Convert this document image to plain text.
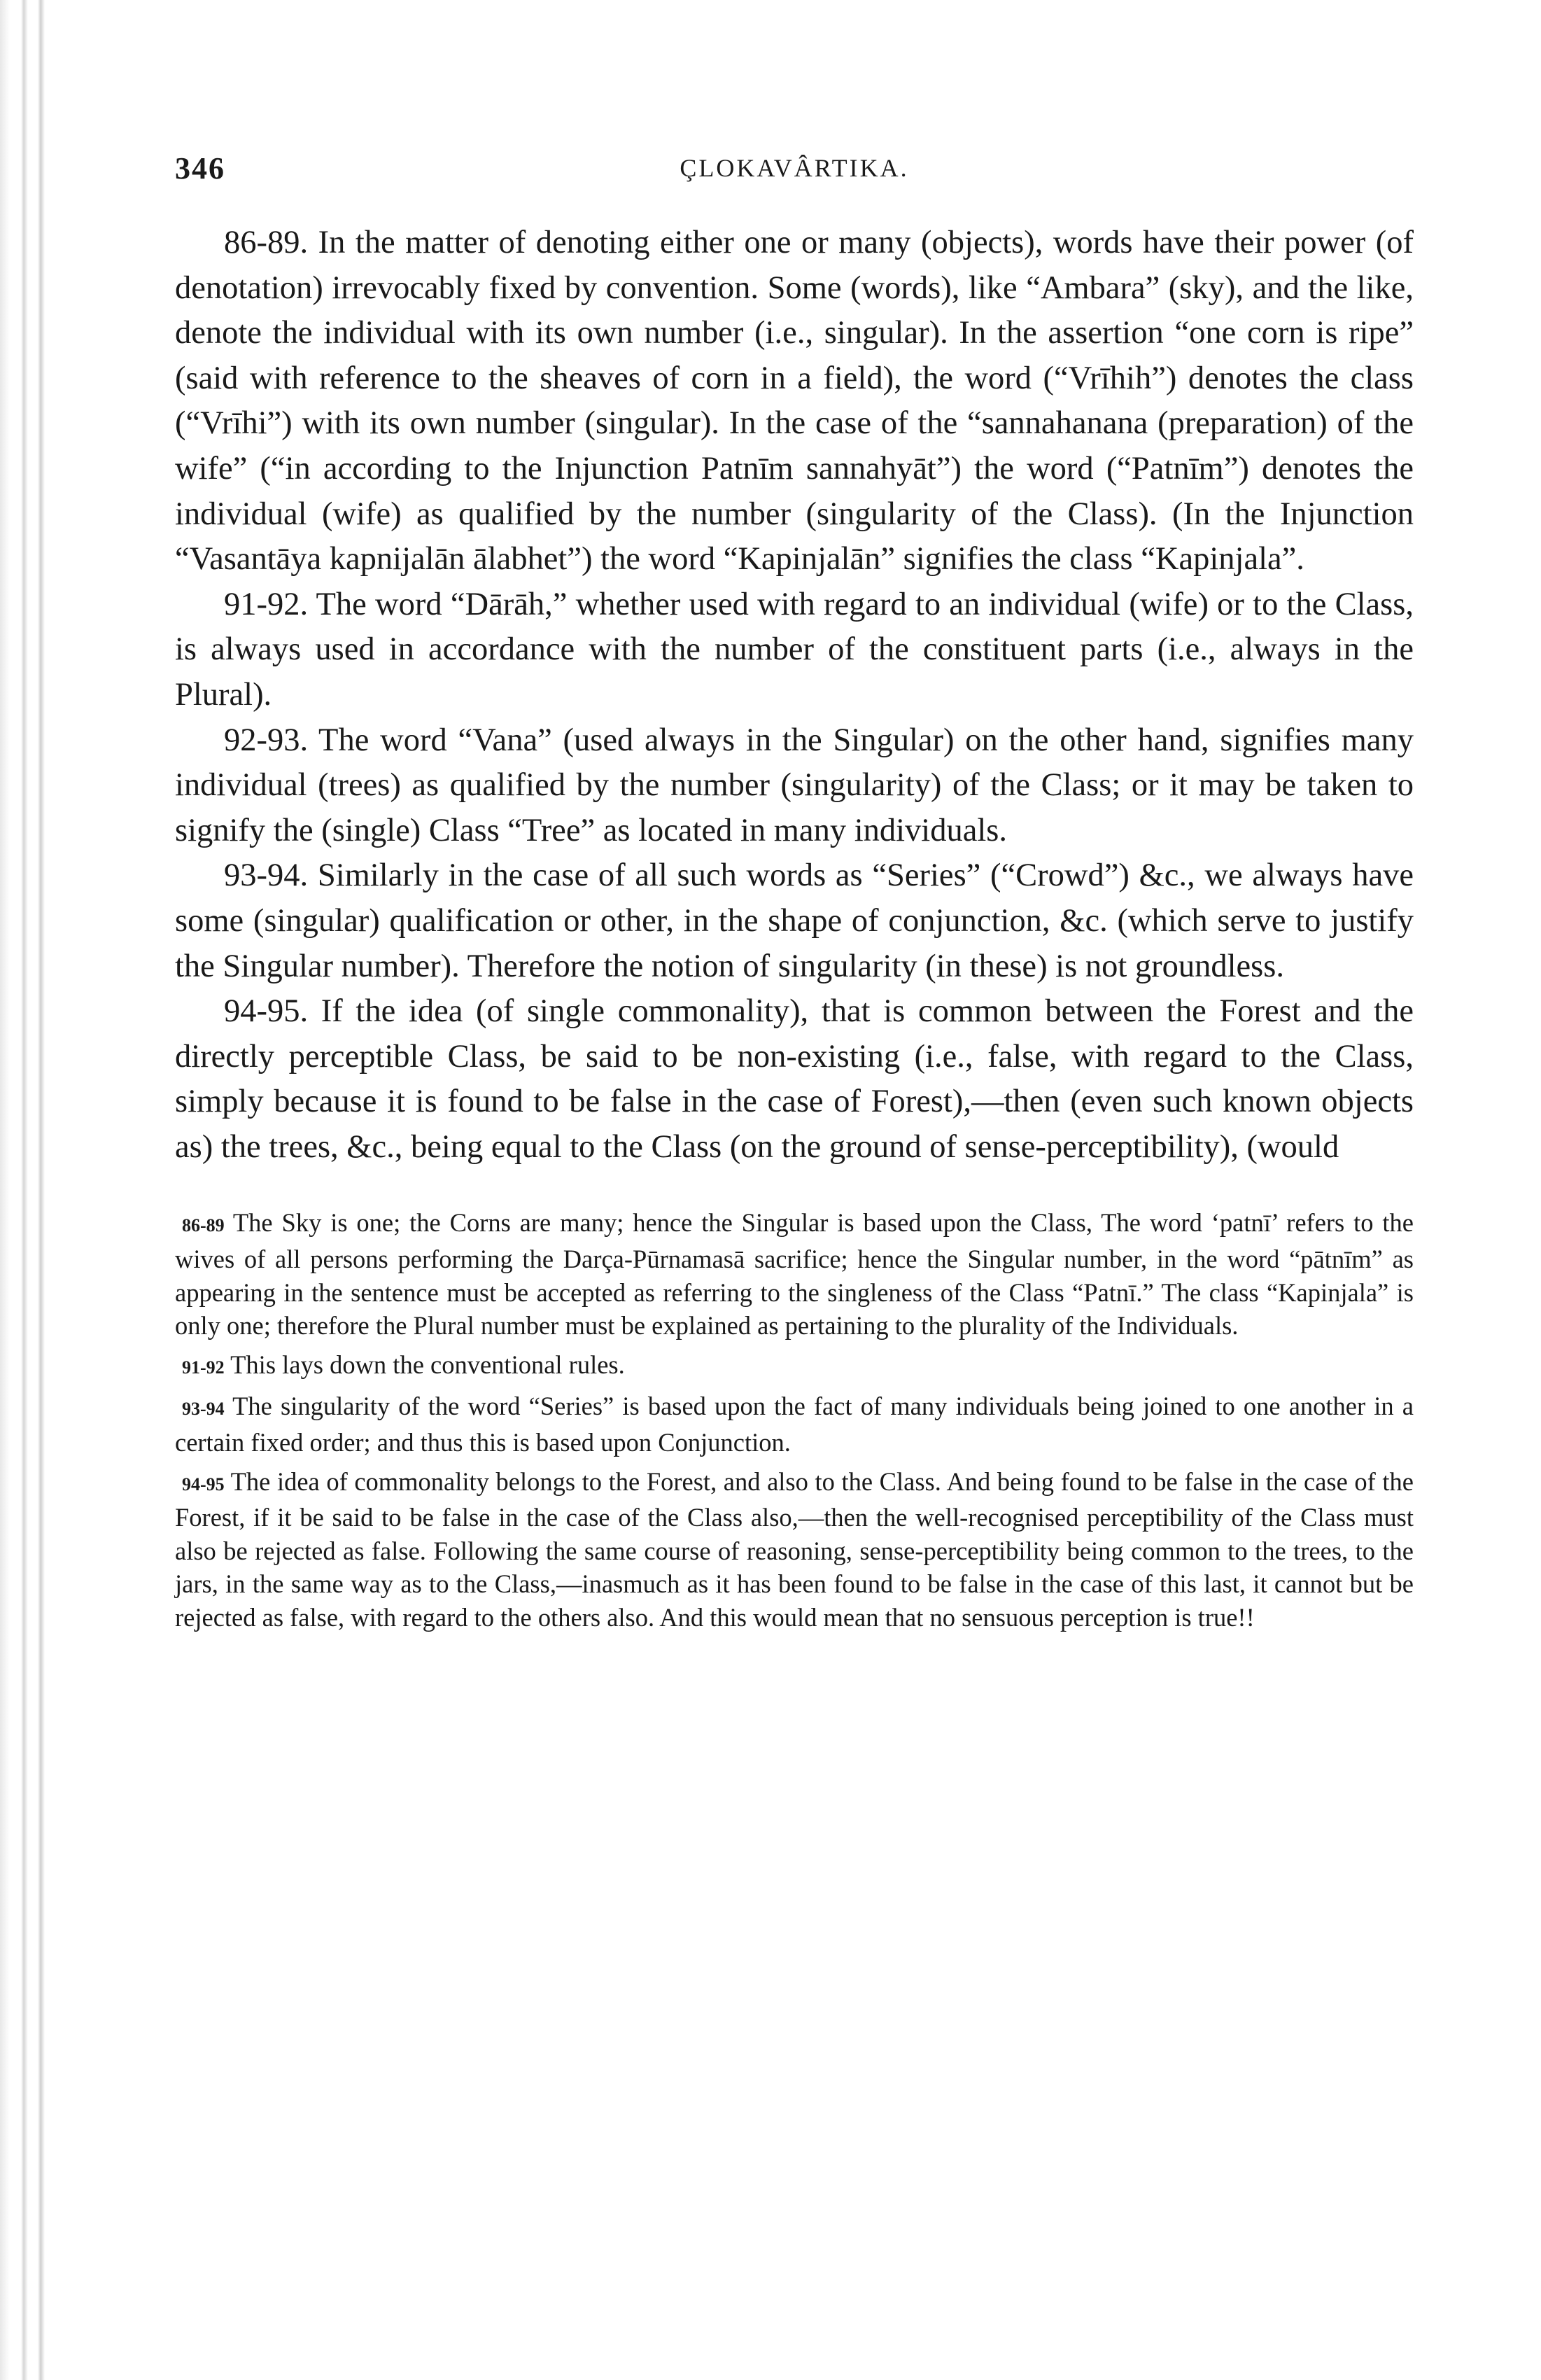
346	ÇLOKAVÂRTIKA.

86-89. In the matter of denoting either one or many (objects), words have their power (of denotation) irrevocably fixed by convention. Some (words), like “Ambara” (sky), and the like, denote the individual with its own number (i.e., singular). In the assertion “one corn is ripe” (said with reference to the sheaves of corn in a field), the word (“Vrīhih”) denotes the class (“Vrīhi”) with its own number (singular). In the case of the “sannahanana (preparation) of the wife” (“in according to the Injunction Patnīm sannahyāt”) the word (“Patnīm”) denotes the individual (wife) as qualified by the number (singularity of the Class). (In the Injunction “Vasantāya kapnijalān ālabhet”) the word “Kapinjalān” signifies the class “Kapinjala”.

91-92. The word “Dārāh,” whether used with regard to an individual (wife) or to the Class, is always used in accordance with the number of the constituent parts (i.e., always in the Plural).

92-93. The word “Vana” (used always in the Singular) on the other hand, signifies many individual (trees) as qualified by the number (singularity) of the Class; or it may be taken to signify the (single) Class “Tree” as located in many individuals.

93-94. Similarly in the case of all such words as “Series” (“Crowd”) &c., we always have some (singular) qualification or other, in the shape of conjunction, &c. (which serve to justify the Singular number). Therefore the notion of singularity (in these) is not groundless.

94-95. If the idea (of single commonality), that is common between the Forest and the directly perceptible Class, be said to be non-existing (i.e., false, with regard to the Class, simply because it is found to be false in the case of Forest),—then (even such known objects as) the trees, &c., being equal to the Class (on the ground of sense-perceptibility), (would

86-89 The Sky is one; the Corns are many; hence the Singular is based upon the Class, The word ‘patnī’ refers to the wives of all persons performing the Darça-Pūrnamasā sacrifice; hence the Singular number, in the word “pātnīm” as appearing in the sentence must be accepted as referring to the singleness of the Class “Patnī.” The class “Kapinjala” is only one; therefore the Plural number must be explained as pertaining to the plurality of the Individuals.

91-92 This lays down the conventional rules.

93-94 The singularity of the word “Series” is based upon the fact of many individuals being joined to one another in a certain fixed order; and thus this is based upon Conjunction.

94-95 The idea of commonality belongs to the Forest, and also to the Class. And being found to be false in the case of the Forest, if it be said to be false in the case of the Class also,—then the well-recognised perceptibility of the Class must also be rejected as false. Following the same course of reasoning, sense-perceptibility being common to the trees, to the jars, in the same way as to the Class,—inasmuch as it has been found to be false in the case of this last, it cannot but be rejected as false, with regard to the others also. And this would mean that no sensuous perception is true!!
